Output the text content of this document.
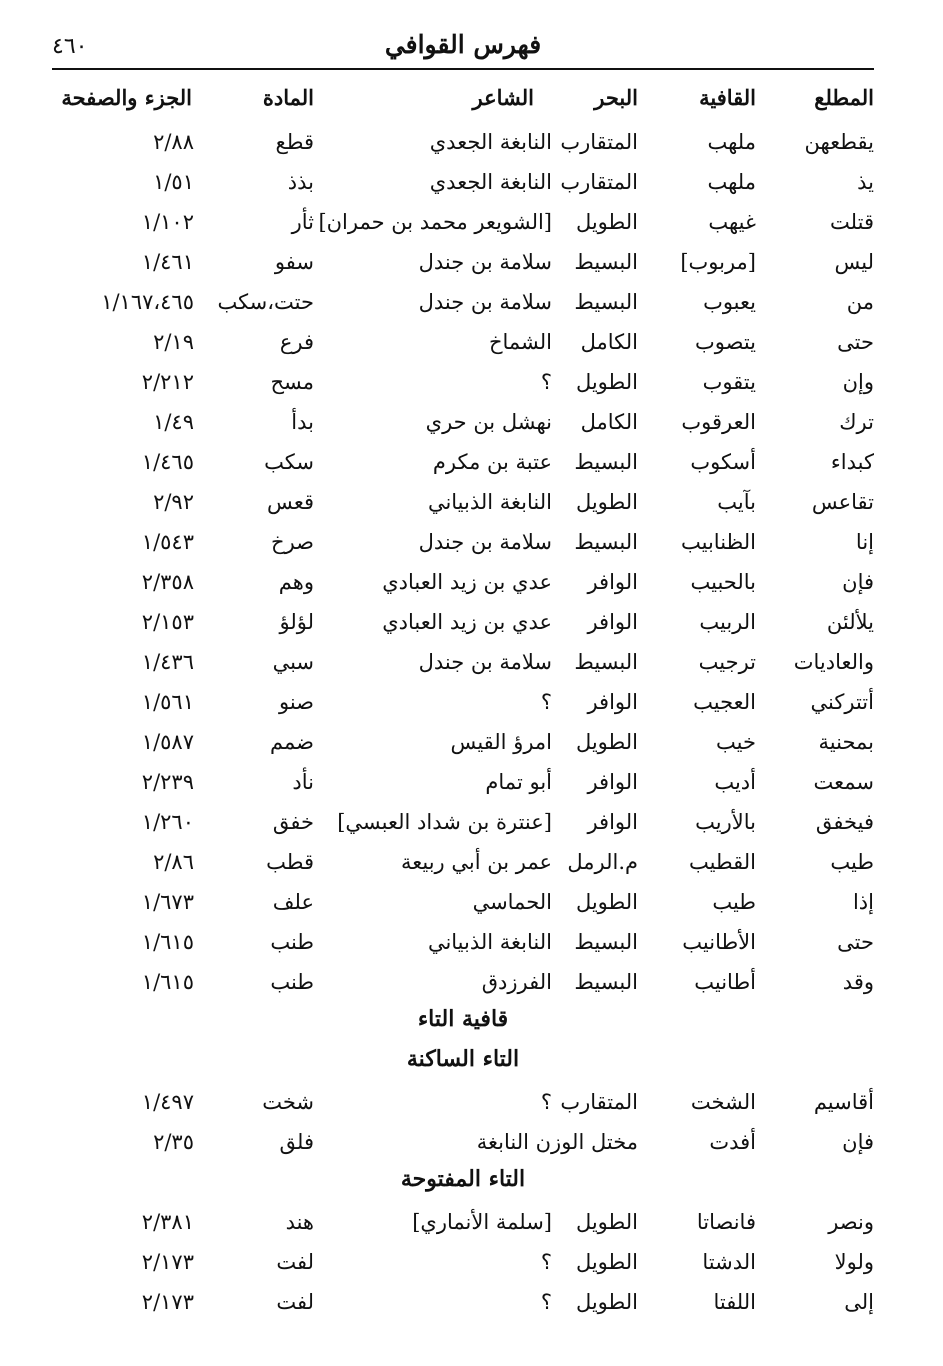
٤٦٠	فهرس القوافي
المطلع
القافية
البحر
الشاعر
المادة
الجزء والصفحة
يقطعهن
ملهب
المتقارب
النابغة الجعدي
قطع
٢/٨٨
يذ
ملهب
المتقارب
النابغة الجعدي
بذذ
١/٥١
قتلت
غيهب
الطويل
[الشويعر محمد بن حمران]
ثأر
١/١٠٢
ليس
[مربوب]
البسيط
سلامة بن جندل
سفو
١/٤٦١
من
يعبوب
البسيط
سلامة بن جندل
حتت،سكب
١/١٦٧،٤٦٥
حتى
يتصوب
الكامل
الشماخ
فرع
٢/١٩
وإن
يتقوب
الطويل
؟
مسح
٢/٢١٢
ترك
العرقوب
الكامل
نهشل بن حري
بدأ
١/٤٩
كبداء
أسكوب
البسيط
عتبة بن مكرم
سكب
١/٤٦٥
تقاعس
بآيب
الطويل
النابغة الذبياني
قعس
٢/٩٢
إنا
الظنابيب
البسيط
سلامة بن جندل
صرخ
١/٥٤٣
فإن
بالحبيب
الوافر
عدي بن زيد العبادي
وهم
٢/٣٥٨
يلألئن
الربيب
الوافر
عدي بن زيد العبادي
لؤلؤ
٢/١٥٣
والعاديات
ترجيب
البسيط
سلامة بن جندل
سبي
١/٤٣٦
أتتركني
العجيب
الوافر
؟
صنو
١/٥٦١
بمحنية
خيب
الطويل
امرؤ القيس
ضمم
١/٥٨٧
سمعت
أديب
الوافر
أبو تمام
نأد
٢/٢٣٩
فيخفق
بالأريب
الوافر
[عنترة بن شداد العبسي]
خفق
١/٢٦٠
طيب
القطيب
م.الرمل
عمر بن أبي ربيعة
قطب
٢/٨٦
إذا
طيب
الطويل
الحماسي
علف
١/٦٧٣
حتى
الأطانيب
البسيط
النابغة الذبياني
طنب
١/٦١٥
وقد
أطانيب
البسيط
الفرزدق
طنب
١/٦١٥
قافية التاء
التاء الساكنة
أقاسيم
الشخت
المتقارب
؟
شخت
١/٤٩٧
فإن
أفدت
مختل الوزن النابغة
فلق
٢/٣٥
التاء المفتوحة
ونصر
فانصاتا
الطويل
[سلمة الأنماري]
هند
٢/٣٨١
ولولا
الدشتا
الطويل
؟
لفت
٢/١٧٣
إلى
اللفتا
الطويل
؟
لفت
٢/١٧٣
